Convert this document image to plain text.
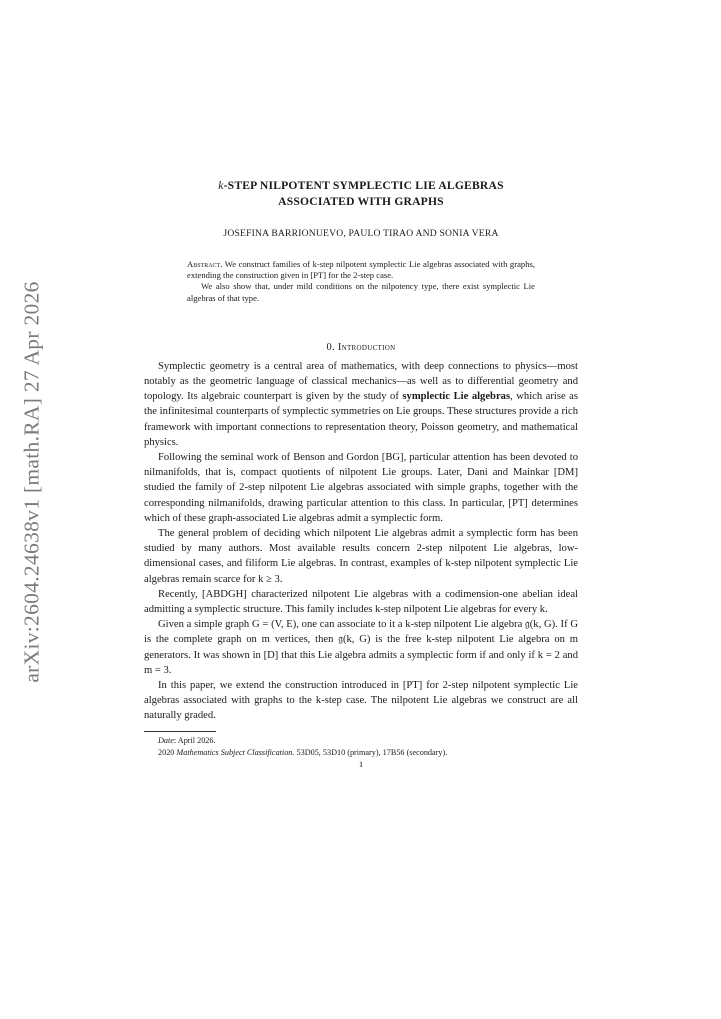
arXiv:2604.24638v1 [math.RA] 27 Apr 2026
k-STEP NILPOTENT SYMPLECTIC LIE ALGEBRAS
ASSOCIATED WITH GRAPHS
JOSEFINA BARRIONUEVO, PAULO TIRAO AND SONIA VERA

Abstract. We construct families of k-step nilpotent symplectic Lie algebras associated with graphs, extending the construction given in [PT] for the 2-step case.

We also show that, under mild conditions on the nilpotency type, there exist symplectic Lie algebras of that type.

0. Introduction

Symplectic geometry is a central area of mathematics, with deep connections to physics—most notably as the geometric language of classical mechanics—as well as to differential geometry and topology. Its algebraic counterpart is given by the study of symplectic Lie algebras, which arise as the infinitesimal counterparts of symplectic symmetries on Lie groups. These structures provide a rich framework with important connections to representation theory, Poisson geometry, and mathematical physics.

Following the seminal work of Benson and Gordon [BG], particular attention has been devoted to nilmanifolds, that is, compact quotients of nilpotent Lie groups. Later, Dani and Mainkar [DM] studied the family of 2-step nilpotent Lie algebras associated with simple graphs, together with the corresponding nilmanifolds, drawing particular attention to this class. In particular, [PT] determines which of these graph-associated Lie algebras admit a symplectic form.

The general problem of deciding which nilpotent Lie algebras admit a symplectic form has been studied by many authors. Most available results concern 2-step nilpotent Lie algebras, low-dimensional cases, and filiform Lie algebras. In contrast, examples of k-step nilpotent symplectic Lie algebras remain scarce for k ≥ 3.

Recently, [ABDGH] characterized nilpotent Lie algebras with a codimension-one abelian ideal admitting a symplectic structure. This family includes k-step nilpotent Lie algebras for every k.

Given a simple graph G = (V, E), one can associate to it a k-step nilpotent Lie algebra 𝔤(k, G). If G is the complete graph on m vertices, then 𝔤(k, G) is the free k-step nilpotent Lie algebra on m generators. It was shown in [D] that this Lie algebra admits a symplectic form if and only if k = 2 and m = 3.

In this paper, we extend the construction introduced in [PT] for 2-step nilpotent symplectic Lie algebras associated with graphs to the k-step case. The nilpotent Lie algebras we construct are all naturally graded.

Date: April 2026.

2020 Mathematics Subject Classification. 53D05, 53D10 (primary), 17B56 (secondary).

1
